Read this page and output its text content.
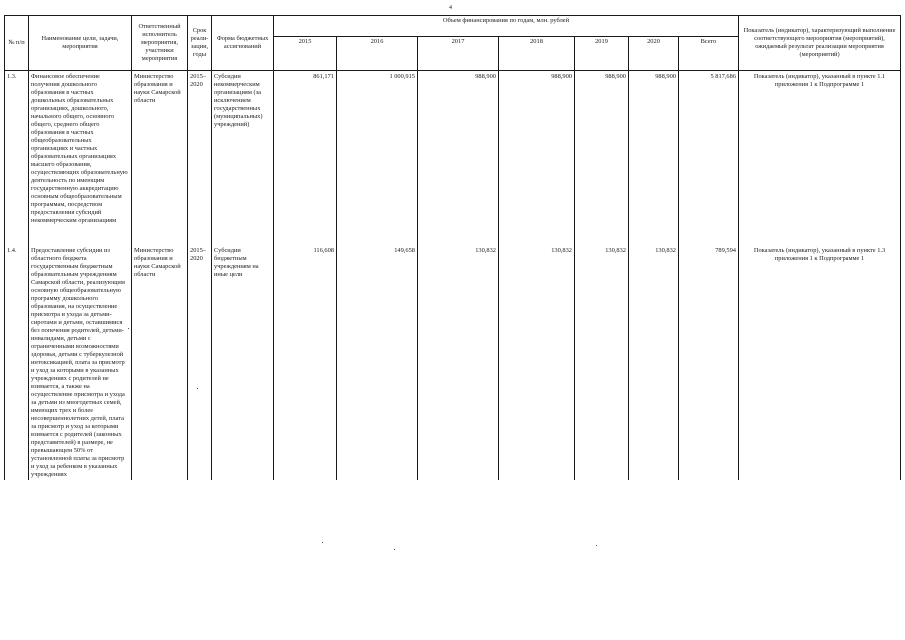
4
№ п/п	Наименование цели, задачи, мероприятия	Ответственный исполнитель мероприятия, участники мероприятия	Срок реали-зации, годы	Форма бюджетных ассигнований	Объем финансирования по годам, млн. рублей							Показатель (индикатор), характеризующий выполнение соответствующего мероприятия (мероприятий), ожидаемый результат реализации мероприятия (мероприятий)
					2015	2016	2017	2018	2019	2020	Всего	
1.3.	Финансовое обеспечение получения дошкольного образования в частных дошкольных образовательных организациях, дошкольного, начального общего, основного общего, среднего общего образования в частных общеобразовательных организациях и частных образовательных организациях высшего образования, осуществляющих образовательную деятельность по имеющим государственную аккредитацию основным общеобразовательным программам, посредством предоставления субсидий некоммерческим организациям	Министерство образования и науки Самарской области	2015–2020	Субсидии некоммерческим организациям (за исключением государственных (муниципальных) учреждений)	861,171	1 000,915	988,900	988,900	988,900	988,900	5 817,686	Показатель (индикатор), указанный в пункте 1.1 приложения 1 к Подпрограмме 1

1.4.	Предоставление субсидии из областного бюджета государственным бюджетным образовательным учреждениям Самарской области, реализующим основную общеобразовательную программу дошкольного образования, на осуществление присмотра и ухода за детьми-сиротами и детьми, оставшимися без попечения родителей, детьми-инвалидами, детьми с ограниченными возможностями здоровья, детьми с туберкулезной интоксикацией, плата за присмотр и уход за которыми в указанных учреждениях с родителей не взимается, а также на осуществление присмотра и ухода за детьми из многодетных семей, имеющих трех и более несовершеннолетних детей, плата за присмотр и уход за которыми взимается с родителей (законных представителей) в размере, не превышающем 50% от установленной платы за присмотр и уход за ребенком в указанных учреждениях	Министерство образования и науки Самарской области	2015–2020	Субсидии бюджетным учреждениям на иные цели	116,608	149,658	130,832	130,832	130,832	130,832	789,594	Показатель (индикатор), указанный в пункте 1.3 приложения 1 к Подпрограмме 1
